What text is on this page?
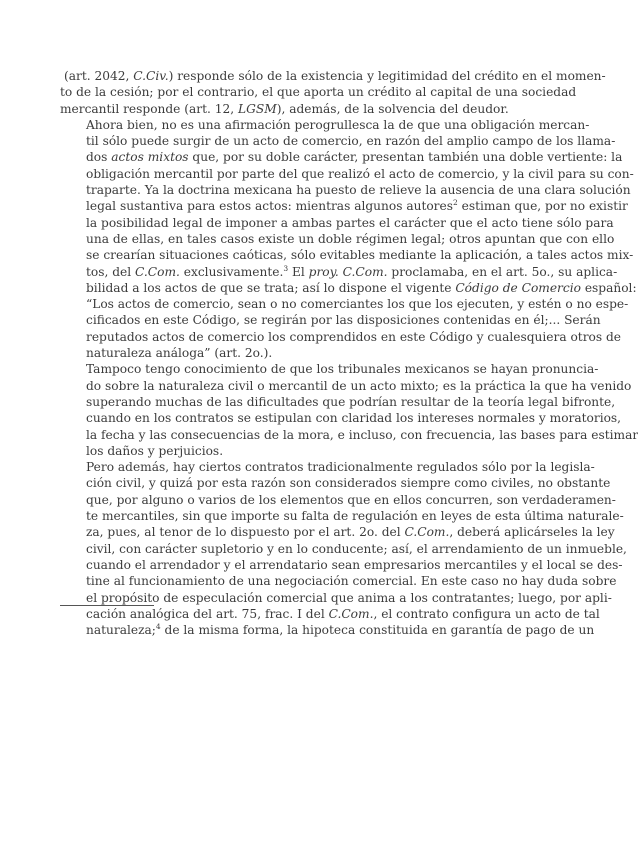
(art. 2042, C.Civ.) responde sólo de la existencia y legitimidad del crédito en el momen-
to de la cesión; por el contrario, el que aporta un crédito al capital de una sociedad
mercantil responde (art. 12, LGSM), además, de la solvencia del deudor.

Ahora bien, no es una afirmación perogrullesca la de que una obligación mercan-
til sólo puede surgir de un acto de comercio, en razón del amplio campo de los llama-
dos actos mixtos que, por su doble carácter, presentan también una doble vertiente: la
obligación mercantil por parte del que realizó el acto de comercio, y la civil para su con-
traparte. Ya la doctrina mexicana ha puesto de relieve la ausencia de una clara solución
legal sustantiva para estos actos: mientras algunos autores$^2$ estiman que, por no existir
la posibilidad legal de imponer a ambas partes el carácter que el acto tiene sólo para
una de ellas, en tales casos existe un doble régimen legal; otros apuntan que con ello
se crearían situaciones caóticas, sólo evitables mediante la aplicación, a tales actos mix-
tos, del C.Com. exclusivamente.$^3$ El proy. C.Com. proclamaba, en el art. 5o., su aplica-
bilidad a los actos de que se trata; así lo dispone el vigente Código de Comercio español:
“Los actos de comercio, sean o no comerciantes los que los ejecuten, y estén o no espe-
cificados en este Código, se regirán por las disposiciones contenidas en él;... Serán
reputados actos de comercio los comprendidos en este Código y cualesquiera otros de
naturaleza análoga” (art. 2o.).

Tampoco tengo conocimiento de que los tribunales mexicanos se hayan pronuncia-
do sobre la naturaleza civil o mercantil de un acto mixto; es la práctica la que ha venido
superando muchas de las dificultades que podrían resultar de la teoría legal bifronte,
cuando en los contratos se estipulan con claridad los intereses normales y moratorios,
la fecha y las consecuencias de la mora, e incluso, con frecuencia, las bases para estimar
los daños y perjuicios.

Pero además, hay ciertos contratos tradicionalmente regulados sólo por la legisla-
ción civil, y quizá por esta razón son considerados siempre como civiles, no obstante
que, por alguno o varios de los elementos que en ellos concurren, son verdaderamen-
te mercantiles, sin que importe su falta de regulación en leyes de esta última naturale-
za, pues, al tenor de lo dispuesto por el art. 2o. del C.Com., deberá aplicárseles la ley
civil, con carácter supletorio y en lo conducente; así, el arrendamiento de un inmueble,
cuando el arrendador y el arrendatario sean empresarios mercantiles y el local se des-
tine al funcionamiento de una negociación comercial. En este caso no hay duda sobre
el propósito de especulación comercial que anima a los contratantes; luego, por apli-
cación analógica del art. 75, frac. I del C.Com., el contrato configura un acto de tal
naturaleza;$^4$ de la misma forma, la hipoteca constituida en garantía de pago de un
